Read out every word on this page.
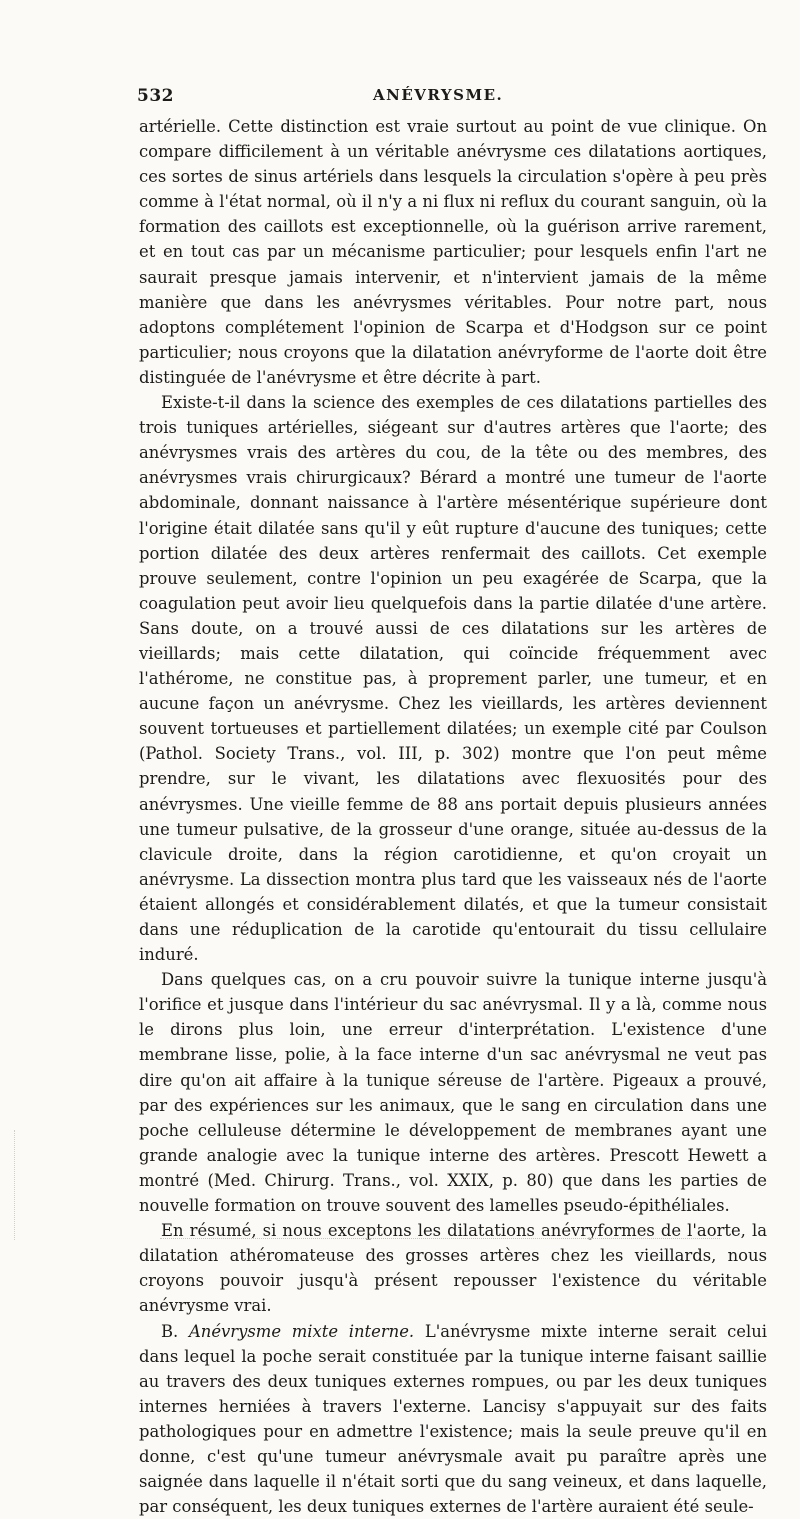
532	ANÉVRYSME.

artérielle. Cette distinction est vraie surtout au point de vue clinique. On compare difficilement à un véritable anévrysme ces dilatations aortiques, ces sortes de sinus artériels dans lesquels la circulation s'opère à peu près comme à l'état normal, où il n'y a ni flux ni reflux du courant sanguin, où la formation des caillots est exceptionnelle, où la guérison arrive rarement, et en tout cas par un mécanisme particulier; pour lesquels enfin l'art ne saurait presque jamais intervenir, et n'intervient jamais de la même manière que dans les anévrysmes véritables. Pour notre part, nous adoptons complétement l'opinion de Scarpa et d'Hodgson sur ce point particulier; nous croyons que la dilatation anévryforme de l'aorte doit être distinguée de l'anévrysme et être décrite à part.

Existe-t-il dans la science des exemples de ces dilatations partielles des trois tuniques artérielles, siégeant sur d'autres artères que l'aorte; des anévrysmes vrais des artères du cou, de la tête ou des membres, des anévrysmes vrais chirurgicaux? Bérard a montré une tumeur de l'aorte abdominale, donnant naissance à l'artère mésentérique supérieure dont l'origine était dilatée sans qu'il y eût rupture d'aucune des tuniques; cette portion dilatée des deux artères renfermait des caillots. Cet exemple prouve seulement, contre l'opinion un peu exagérée de Scarpa, que la coagulation peut avoir lieu quelquefois dans la partie dilatée d'une artère. Sans doute, on a trouvé aussi de ces dilatations sur les artères de vieillards; mais cette dilatation, qui coïncide fréquemment avec l'athérome, ne constitue pas, à proprement parler, une tumeur, et en aucune façon un anévrysme. Chez les vieillards, les artères deviennent souvent tortueuses et partiellement dilatées; un exemple cité par Coulson (Pathol. Society Trans., vol. III, p. 302) montre que l'on peut même prendre, sur le vivant, les dilatations avec flexuosités pour des anévrysmes. Une vieille femme de 88 ans portait depuis plusieurs années une tumeur pulsative, de la grosseur d'une orange, située au-dessus de la clavicule droite, dans la région carotidienne, et qu'on croyait un anévrysme. La dissection montra plus tard que les vaisseaux nés de l'aorte étaient allongés et considérablement dilatés, et que la tumeur consistait dans une réduplication de la carotide qu'entourait du tissu cellulaire induré.

Dans quelques cas, on a cru pouvoir suivre la tunique interne jusqu'à l'orifice et jusque dans l'intérieur du sac anévrysmal. Il y a là, comme nous le dirons plus loin, une erreur d'interprétation. L'existence d'une membrane lisse, polie, à la face interne d'un sac anévrysmal ne veut pas dire qu'on ait affaire à la tunique séreuse de l'artère. Pigeaux a prouvé, par des expériences sur les animaux, que le sang en circulation dans une poche celluleuse détermine le développement de membranes ayant une grande analogie avec la tunique interne des artères. Prescott Hewett a montré (Med. Chirurg. Trans., vol. XXIX, p. 80) que dans les parties de nouvelle formation on trouve souvent des lamelles pseudo-épithéliales.

En résumé, si nous exceptons les dilatations anévryformes de l'aorte, la dilatation athéromateuse des grosses artères chez les vieillards, nous croyons pouvoir jusqu'à présent repousser l'existence du véritable anévrysme vrai.

B. Anévrysme mixte interne. L'anévrysme mixte interne serait celui dans lequel la poche serait constituée par la tunique interne faisant saillie au travers des deux tuniques externes rompues, ou par les deux tuniques internes herniées à travers l'externe. Lancisy s'appuyait sur des faits pathologiques pour en admettre l'existence; mais la seule preuve qu'il en donne, c'est qu'une tumeur anévrysmale avait pu paraître après une saignée dans laquelle il n'était sorti que du sang veineux, et dans laquelle, par conséquent, les deux tuniques externes de l'artère auraient été seule-
